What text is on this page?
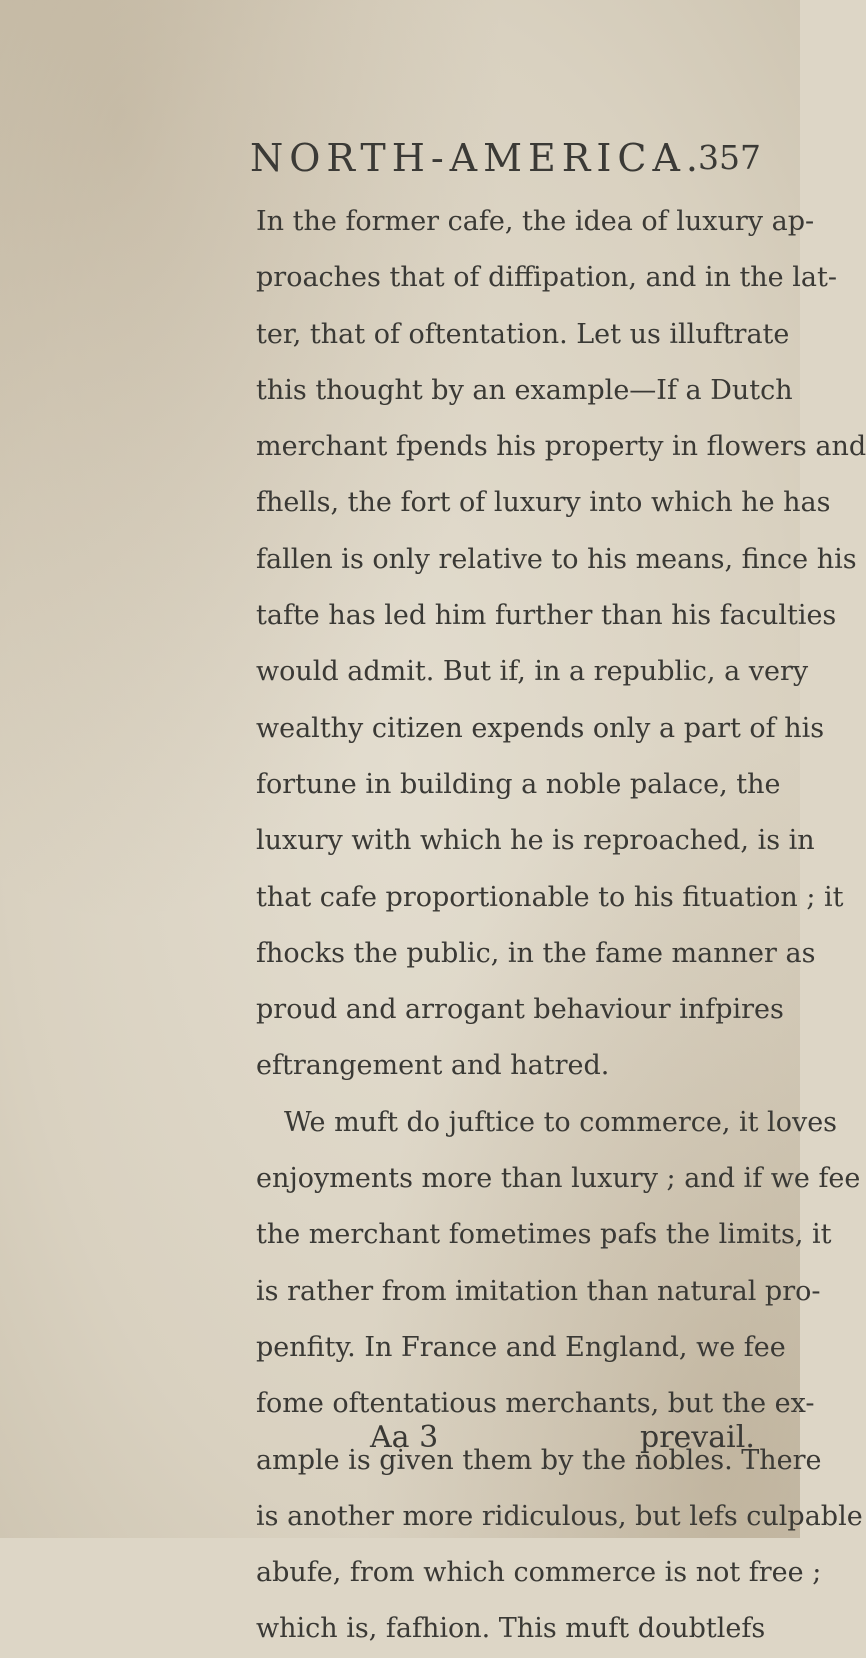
NORTH-AMERICA.
357
In the former cafe, the idea of luxury ap-
proaches that of diffipation, and in the lat-
ter, that of oftentation. Let us illuftrate
this thought by an example—If a Dutch
merchant fpends his property in flowers and
fhells, the fort of luxury into which he has
fallen is only relative to his means, fince his
tafte has led him further than his faculties
would admit. But if, in a republic, a very
wealthy citizen expends only a part of his
fortune in building a noble palace, the
luxury with which he is reproached, is in
that cafe proportionable to his fituation ; it
fhocks the public, in the fame manner as
proud and arrogant behaviour infpires
eftrangement and hatred.
We muft do juftice to commerce, it loves
enjoyments more than luxury ; and if we fee
the merchant fometimes pafs the limits, it
is rather from imitation than natural pro-
penfity. In France and England, we fee
fome oftentatious merchants, but the ex-
ample is given them by the nobles. There
is another more ridiculous, but lefs culpable
abufe, from which commerce is not free ;
which is, fafhion. This muft doubtlefs
Aa 3	prevail.
